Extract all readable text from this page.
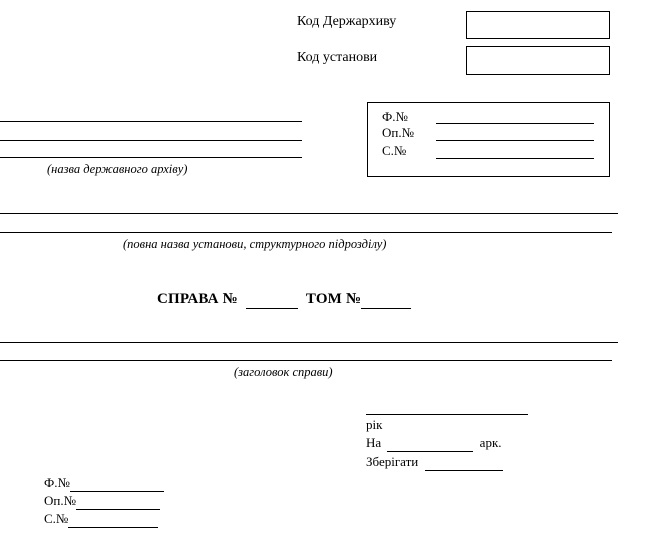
Код Держархиву
Код установи
(назва державного архіву)
Ф.№
Оп.№
С.№
(повна назва установи, структурного підрозділу)
СПРАВА №	ТОМ №
(заголовок справи)
рік
На	арк.
Зберігати
Ф.№
Оп.№
С.№
